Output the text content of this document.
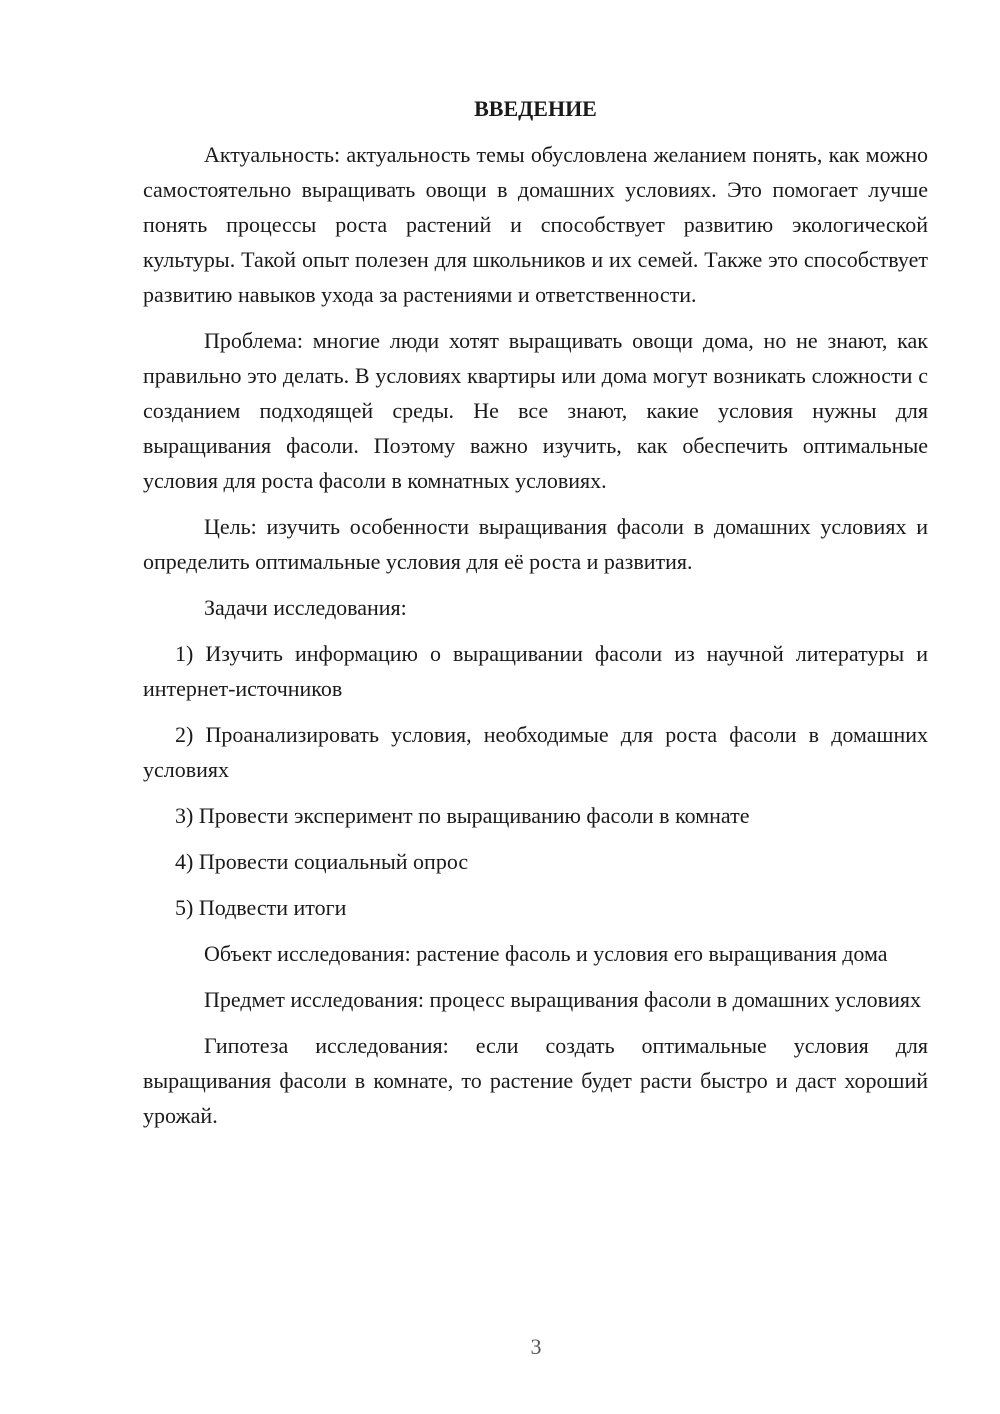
ВВЕДЕНИЕ

Актуальность: актуальность темы обусловлена желанием понять, как можно самостоятельно выращивать овощи в домашних условиях. Это помогает лучше понять процессы роста растений и способствует развитию экологической культуры. Такой опыт полезен для школьников и их семей. Также это способствует развитию навыков ухода за растениями и ответственности.

Проблема: многие люди хотят выращивать овощи дома, но не знают, как правильно это делать. В условиях квартиры или дома могут возникать сложности с созданием подходящей среды. Не все знают, какие условия нужны для выращивания фасоли. Поэтому важно изучить, как обеспечить оптимальные условия для роста фасоли в комнатных условиях.

Цель: изучить особенности выращивания фасоли в домашних условиях и определить оптимальные условия для её роста и развития.

Задачи исследования:

1) Изучить информацию о выращивании фасоли из научной литературы и интернет-источников

2) Проанализировать условия, необходимые для роста фасоли в домашних условиях

3) Провести эксперимент по выращиванию фасоли в комнате

4) Провести социальный опрос

5) Подвести итоги

Объект исследования: растение фасоль и условия его выращивания дома

Предмет исследования: процесс выращивания фасоли в домашних условиях

Гипотеза исследования: если создать оптимальные условия для выращивания фасоли в комнате, то растение будет расти быстро и даст хороший урожай.

3
